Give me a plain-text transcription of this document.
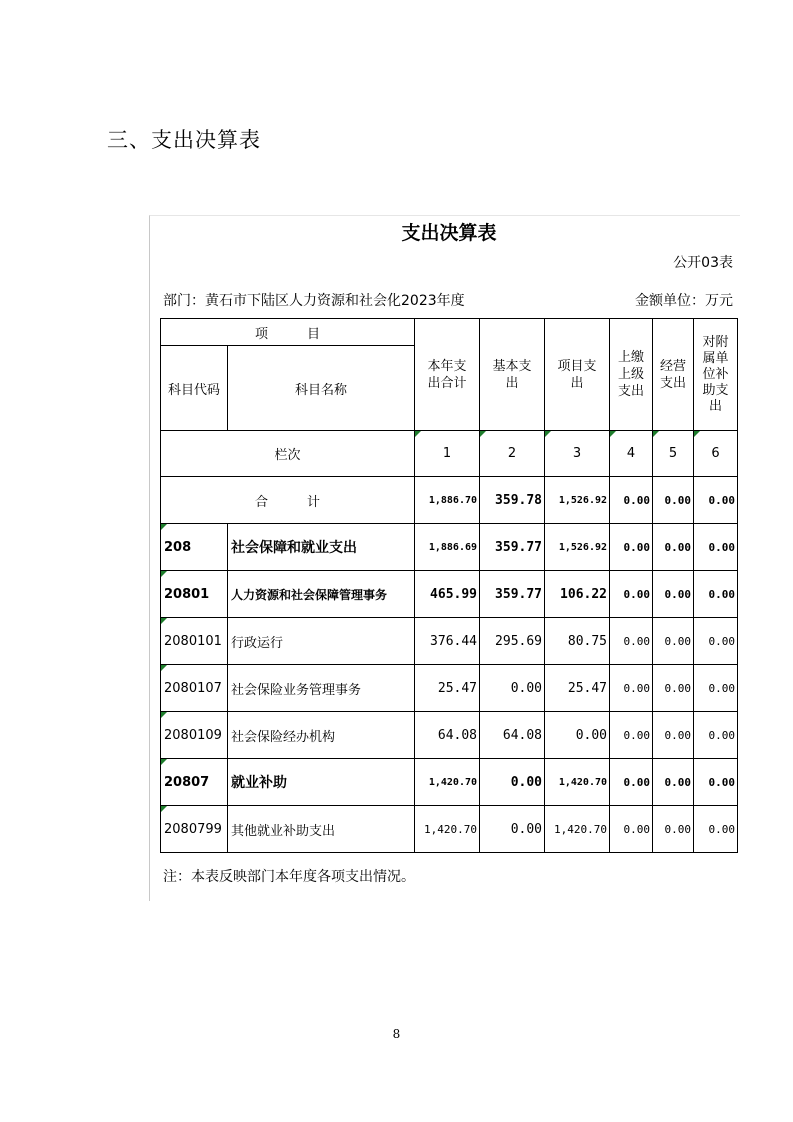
三、支出决算表
支出决算表
公开03表
部门：黄石市下陆区人力资源和社会化2023年度	金额单位：万元
项　　　目		本年支出合计	基本支出	项目支出	上缴上级支出	经营支出	对附属单位补助支出

科目代码	科目名称						
栏次		1	2	3	4	5	6
合　　　计		1,886.70	359.78	1,526.92	0.00	0.00	0.00
208	社会保障和就业支出	1,886.69	359.77	1,526.92	0.00	0.00	0.00
20801	人力资源和社会保障管理事务	465.99	359.77	106.22	0.00	0.00	0.00
2080101	行政运行	376.44	295.69	80.75	0.00	0.00	0.00
2080107	社会保险业务管理事务	25.47	0.00	25.47	0.00	0.00	0.00
2080109	社会保险经办机构	64.08	64.08	0.00	0.00	0.00	0.00
20807	就业补助	1,420.70	0.00	1,420.70	0.00	0.00	0.00
2080799	其他就业补助支出	1,420.70	0.00	1,420.70	0.00	0.00	0.00
注：本表反映部门本年度各项支出情况。
8
